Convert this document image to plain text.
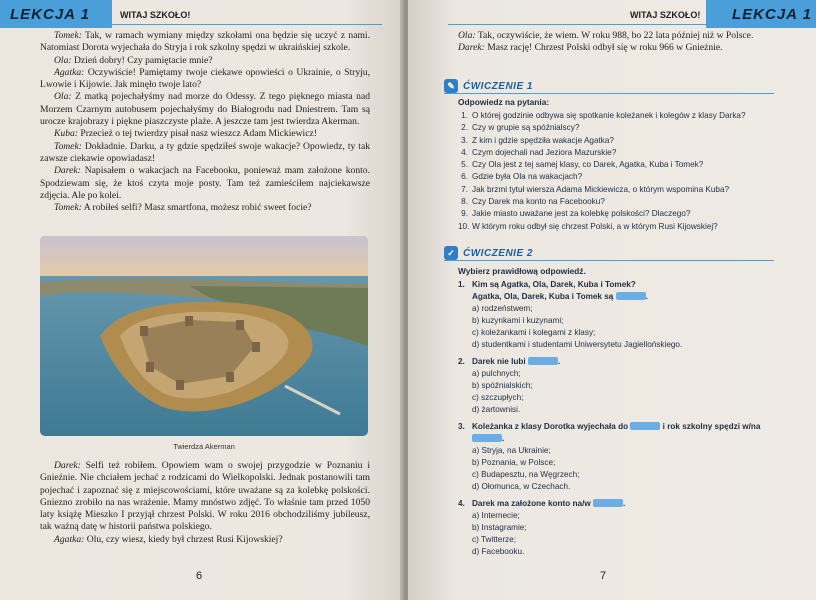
LEKCJA 1	WITAJ SZKOŁO!

Tomek: Tak, w ramach wymiany między szkołami ona będzie się uczyć z nami. Natomiast Dorota wyjechała do Stryja i rok szkolny spędzi w ukraińskiej szkole.

Ola: Dzień dobry! Czy pamiętacie mnie?

Agatka: Oczywiście! Pamiętamy twoje ciekawe opowieści o Ukrainie, o Stryju, Lwowie i Kijowie. Jak minęło twoje lato?

Ola: Z matką pojechałyśmy nad morze do Odessy. Z tego pięknego miasta nad Morzem Czarnym autobusem pojechałyśmy do Białogrodu nad Dniestrem. Tam są urocze krajobrazy i piękne piaszczyste plaże. A jeszcze tam jest twierdza Akerman.

Kuba: Przecież o tej twierdzy pisał nasz wieszcz Adam Mickiewicz!

Tomek: Dokładnie. Darku, a ty gdzie spędziłeś swoje wakacje? Opowiedz, ty tak zawsze ciekawie opowiadasz!

Darek: Napisałem o wakacjach na Facebooku, ponieważ mam założone konto. Spodziewam się, że ktoś czyta moje posty. Tam też zamieściłem najciekawsze zdjęcia. Ale po kolei.

Tomek: A robiłeś selfi? Masz smartfona, możesz robić sweet focie?

Twierdza Akerman

Darek: Selfi też robiłem. Opowiem wam o swojej przygodzie w Poznaniu i Gnieźnie. Nie chciałem jechać z rodzicami do Wielkopolski. Jednak postanowili tam pojechać i zapoznać się z miejscowościami, które uważane są za kolebkę polskości. Gniezno zrobiło na nas wrażenie. Mamy mnóstwo zdjęć. To właśnie tam przed 1050 laty książę Mieszko I przyjął chrzest Polski. W roku 2016 obchodziliśmy jubileusz, tak ważną datę w historii państwa polskiego.

Agatka: Olu, czy wiesz, kiedy był chrzest Rusi Kijowskiej?

6
WITAJ SZKOŁO!	LEKCJA 1

Ola: Tak, oczywiście, że wiem. W roku 988, bo 22 lata później niż w Polsce.

Darek: Masz rację! Chrzest Polski odbył się w roku 966 w Gnieźnie.

✎ ĆWICZENIE 1
Odpowiedz na pytania:
1. O której godzinie odbywa się spotkanie koleżanek i kolegów z klasy Darka?
2. Czy w grupie są spóźnialscy?
3. Z kim i gdzie spędziła wakacje Agatka?
4. Czym dojechali nad Jeziora Mazurskie?
5. Czy Ola jest z tej samej klasy, co Darek, Agatka, Kuba i Tomek?
6. Gdzie była Ola na wakacjach?
7. Jak brzmi tytuł wiersza Adama Mickiewicza, o którym wspomina Kuba?
8. Czy Darek ma konto na Facebooku?
9. Jakie miasto uważane jest za kolebkę polskości? Dlaczego?
10. W którym roku odbył się chrzest Polski, a w którym Rusi Kijowskiej?
✓ ĆWICZENIE 2
Wybierz prawidłową odpowiedź.
1. Kim są Agatka, Ola, Darek, Kuba i Tomek?
Agatka, Ola, Darek, Kuba i Tomek są	.
a) rodzeństwem;
b) kuzynkami i kuzynami;
c) koleżankami i kolegami z klasy;
d) studentkami i studentami Uniwersytetu Jagiellońskiego.
2. Darek nie lubi	.
a) pulchnych;
b) spóźnialskich;
c) szczupłych;
d) żartownisi.
3. Koleżanka z klasy Dorotka wyjechała do	i rok szkolny spędzi w/na .
a) Stryja, na Ukrainie;
b) Poznania, w Polsce;
c) Budapesztu, na Węgrzech;
d) Ołomunca, w Czechach.
4. Darek ma założone konto na/w	.
a) Internecie;
b) Instagramie;
c) Twitterze;
d) Facebooku.
7
